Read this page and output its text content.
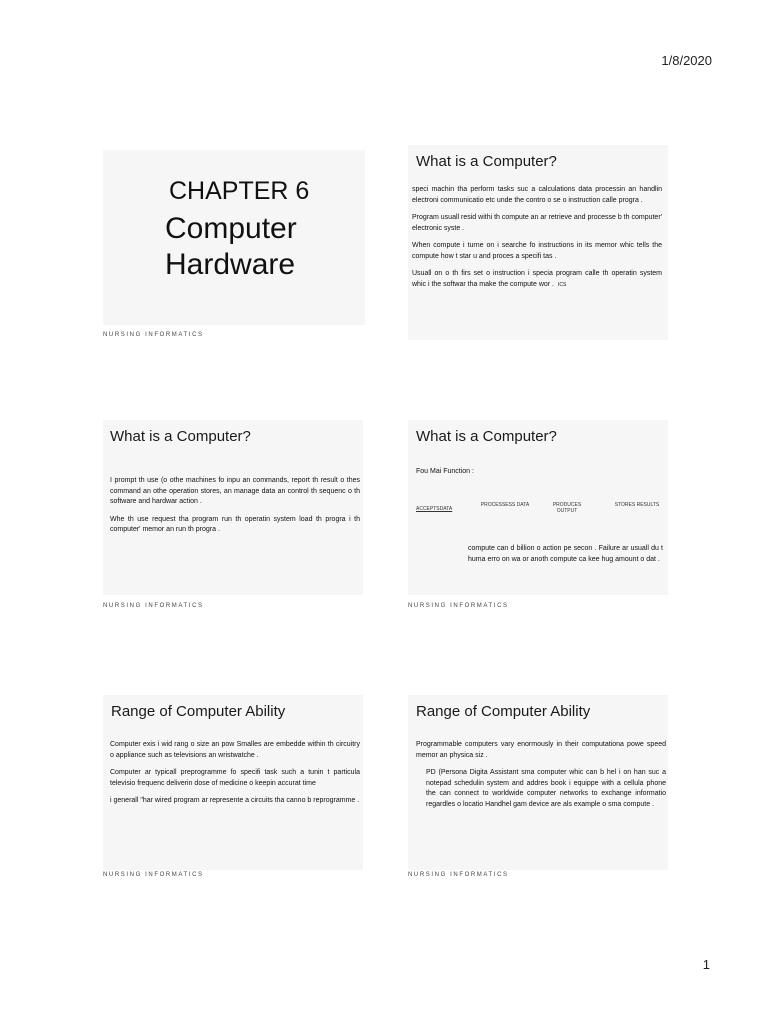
1/8/2020
CHAPTER 6
Computer
Hardware
NURSING INFORMATICS
What is a Computer?

speci machin tha perform tasks suc a calculations data processin an handlin electroni communicatio etc unde the contro o se o instruction calle progra .

Program usuall resid withi th compute an ar retrieve and processe b th computer' electronic syste .

When compute i turne on i searche fo instructions in its memor whic tells the compute how t star u and proces a specifi tas .

Usuall on o th firs set o instruction i specia program calle th operatin system whic i the softwar tha make the compute wor . ICS

What is a Computer?

I prompt th use (o othe machines fo inpu an commands, report th result o thes command an othe operation stores, an manage data an control th sequenc o th software and hardwar action .

Whe th use request tha program run th operatin system load th progra i th computer' memor an run th progra .

NURSING INFORMATICS
What is a Computer?
Fou Mai Function :
ACCEPTSDATA
PROCESSESS DATA	PRODUCES OUTPUT
STORES RESULTS

compute can d billion o action pe secon . Failure ar usuall du t huma erro on wa or anoth compute ca kee hug amount o dat .

NURSING INFORMATICS
Range of Computer Ability

Computer exis i wid rang o size an pow Smalles are embedde within th circuitry o appliance such as televisions an wristwatche .

Computer ar typicall preprogramme fo specifi task such a tunin t particula televisio frequenc deliverin dose of medicine o keepin accurat time

i generall "har wired program ar represente a circuits tha canno b reprogramme .

NURSING INFORMATICS
Range of Computer Ability

Programmable computers vary enormously in their computationa powe speed memor an physica siz .

PD (Persona Digita Assistant sma computer whic can b hel i on han suc a notepad schedulin system and addres book i equippe with a cellula phone the can connect to worldwide computer networks to exchange informatio regardles o locatio Handhel gam device are als example o sma compute .

NURSING INFORMATICS
1
